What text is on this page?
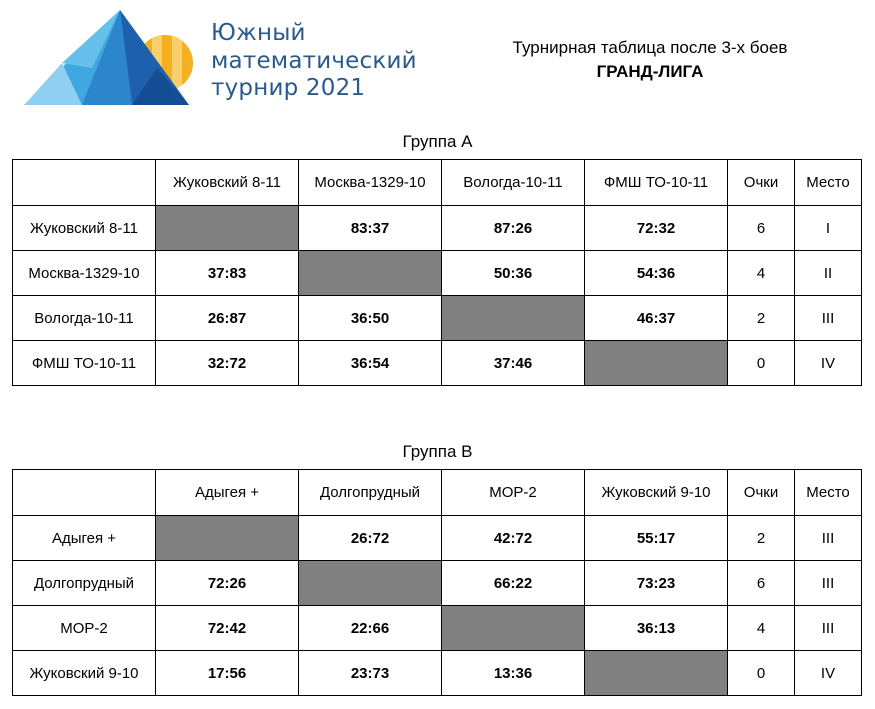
Южный
математический
турнир 2021
Турнирная таблица после 3-х боев
ГРАНД-ЛИГА
Группа А
	Жуковский 8-11	Москва-1329-10	Вологда-10-11	ФМШ ТО-10-11	Очки	Место
Жуковский 8-11		83:37	87:26	72:32	6	I
Москва-1329-10	37:83		50:36	54:36	4	II
Вологда-10-11	26:87	36:50		46:37	2	III
ФМШ ТО-10-11	32:72	36:54	37:46		0	IV
Группа В
	Адыгея +	Долгопрудный	МОР-2	Жуковский 9-10	Очки	Место
Адыгея +		26:72	42:72	55:17	2	III
Долгопрудный	72:26		66:22	73:23	6	III
МОР-2	72:42	22:66		36:13	4	III
Жуковский 9-10	17:56	23:73	13:36		0	IV
